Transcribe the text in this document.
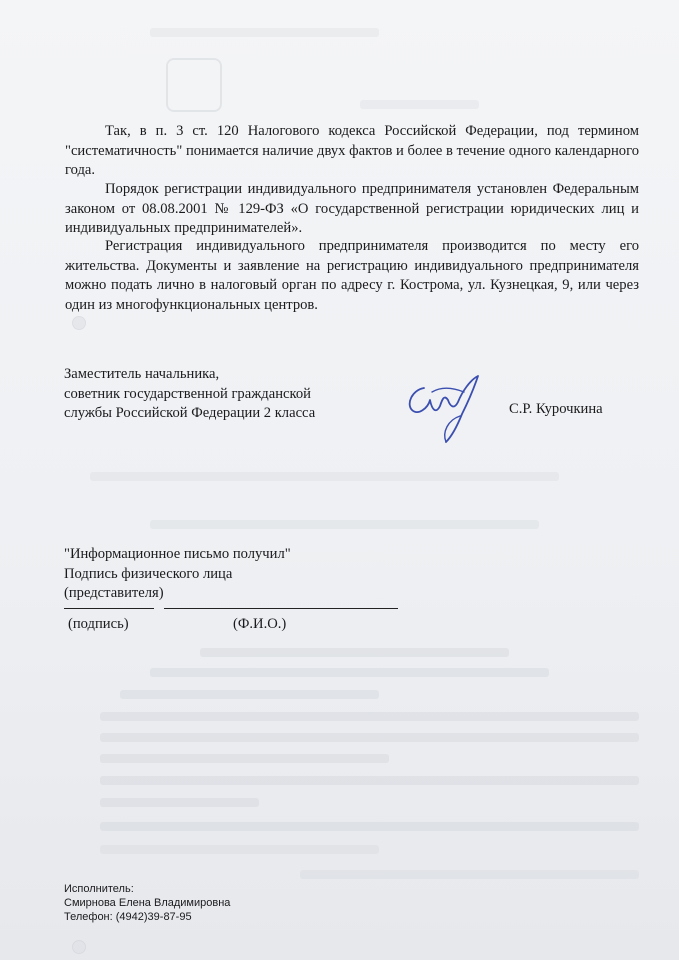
Так, в п. 3 ст. 120 Налогового кодекса Российской Федерации, под термином "систематичность" понимается наличие двух фактов и более в течение одного календарного года.

Порядок регистрации индивидуального предпринимателя установлен Федеральным законом от 08.08.2001 № 129-ФЗ «О государственной регистрации юридических лиц и индивидуальных предпринимателей».

Регистрация индивидуального предпринимателя производится по месту его жительства. Документы и заявление на регистрацию индивидуального предпринимателя можно подать лично в налоговый орган по адресу г. Кострома, ул. Кузнецкая, 9, или через один из многофункциональных центров.

Заместитель начальника,
советник государственной гражданской
службы Российской Федерации 2 класса	С.Р. Курочкина
"Информационное письмо получил"
Подпись физического лица
(представителя)
(подпись)	(Ф.И.О.)
Исполнитель:
Смирнова Елена Владимировна
Телефон: (4942)39-87-95
